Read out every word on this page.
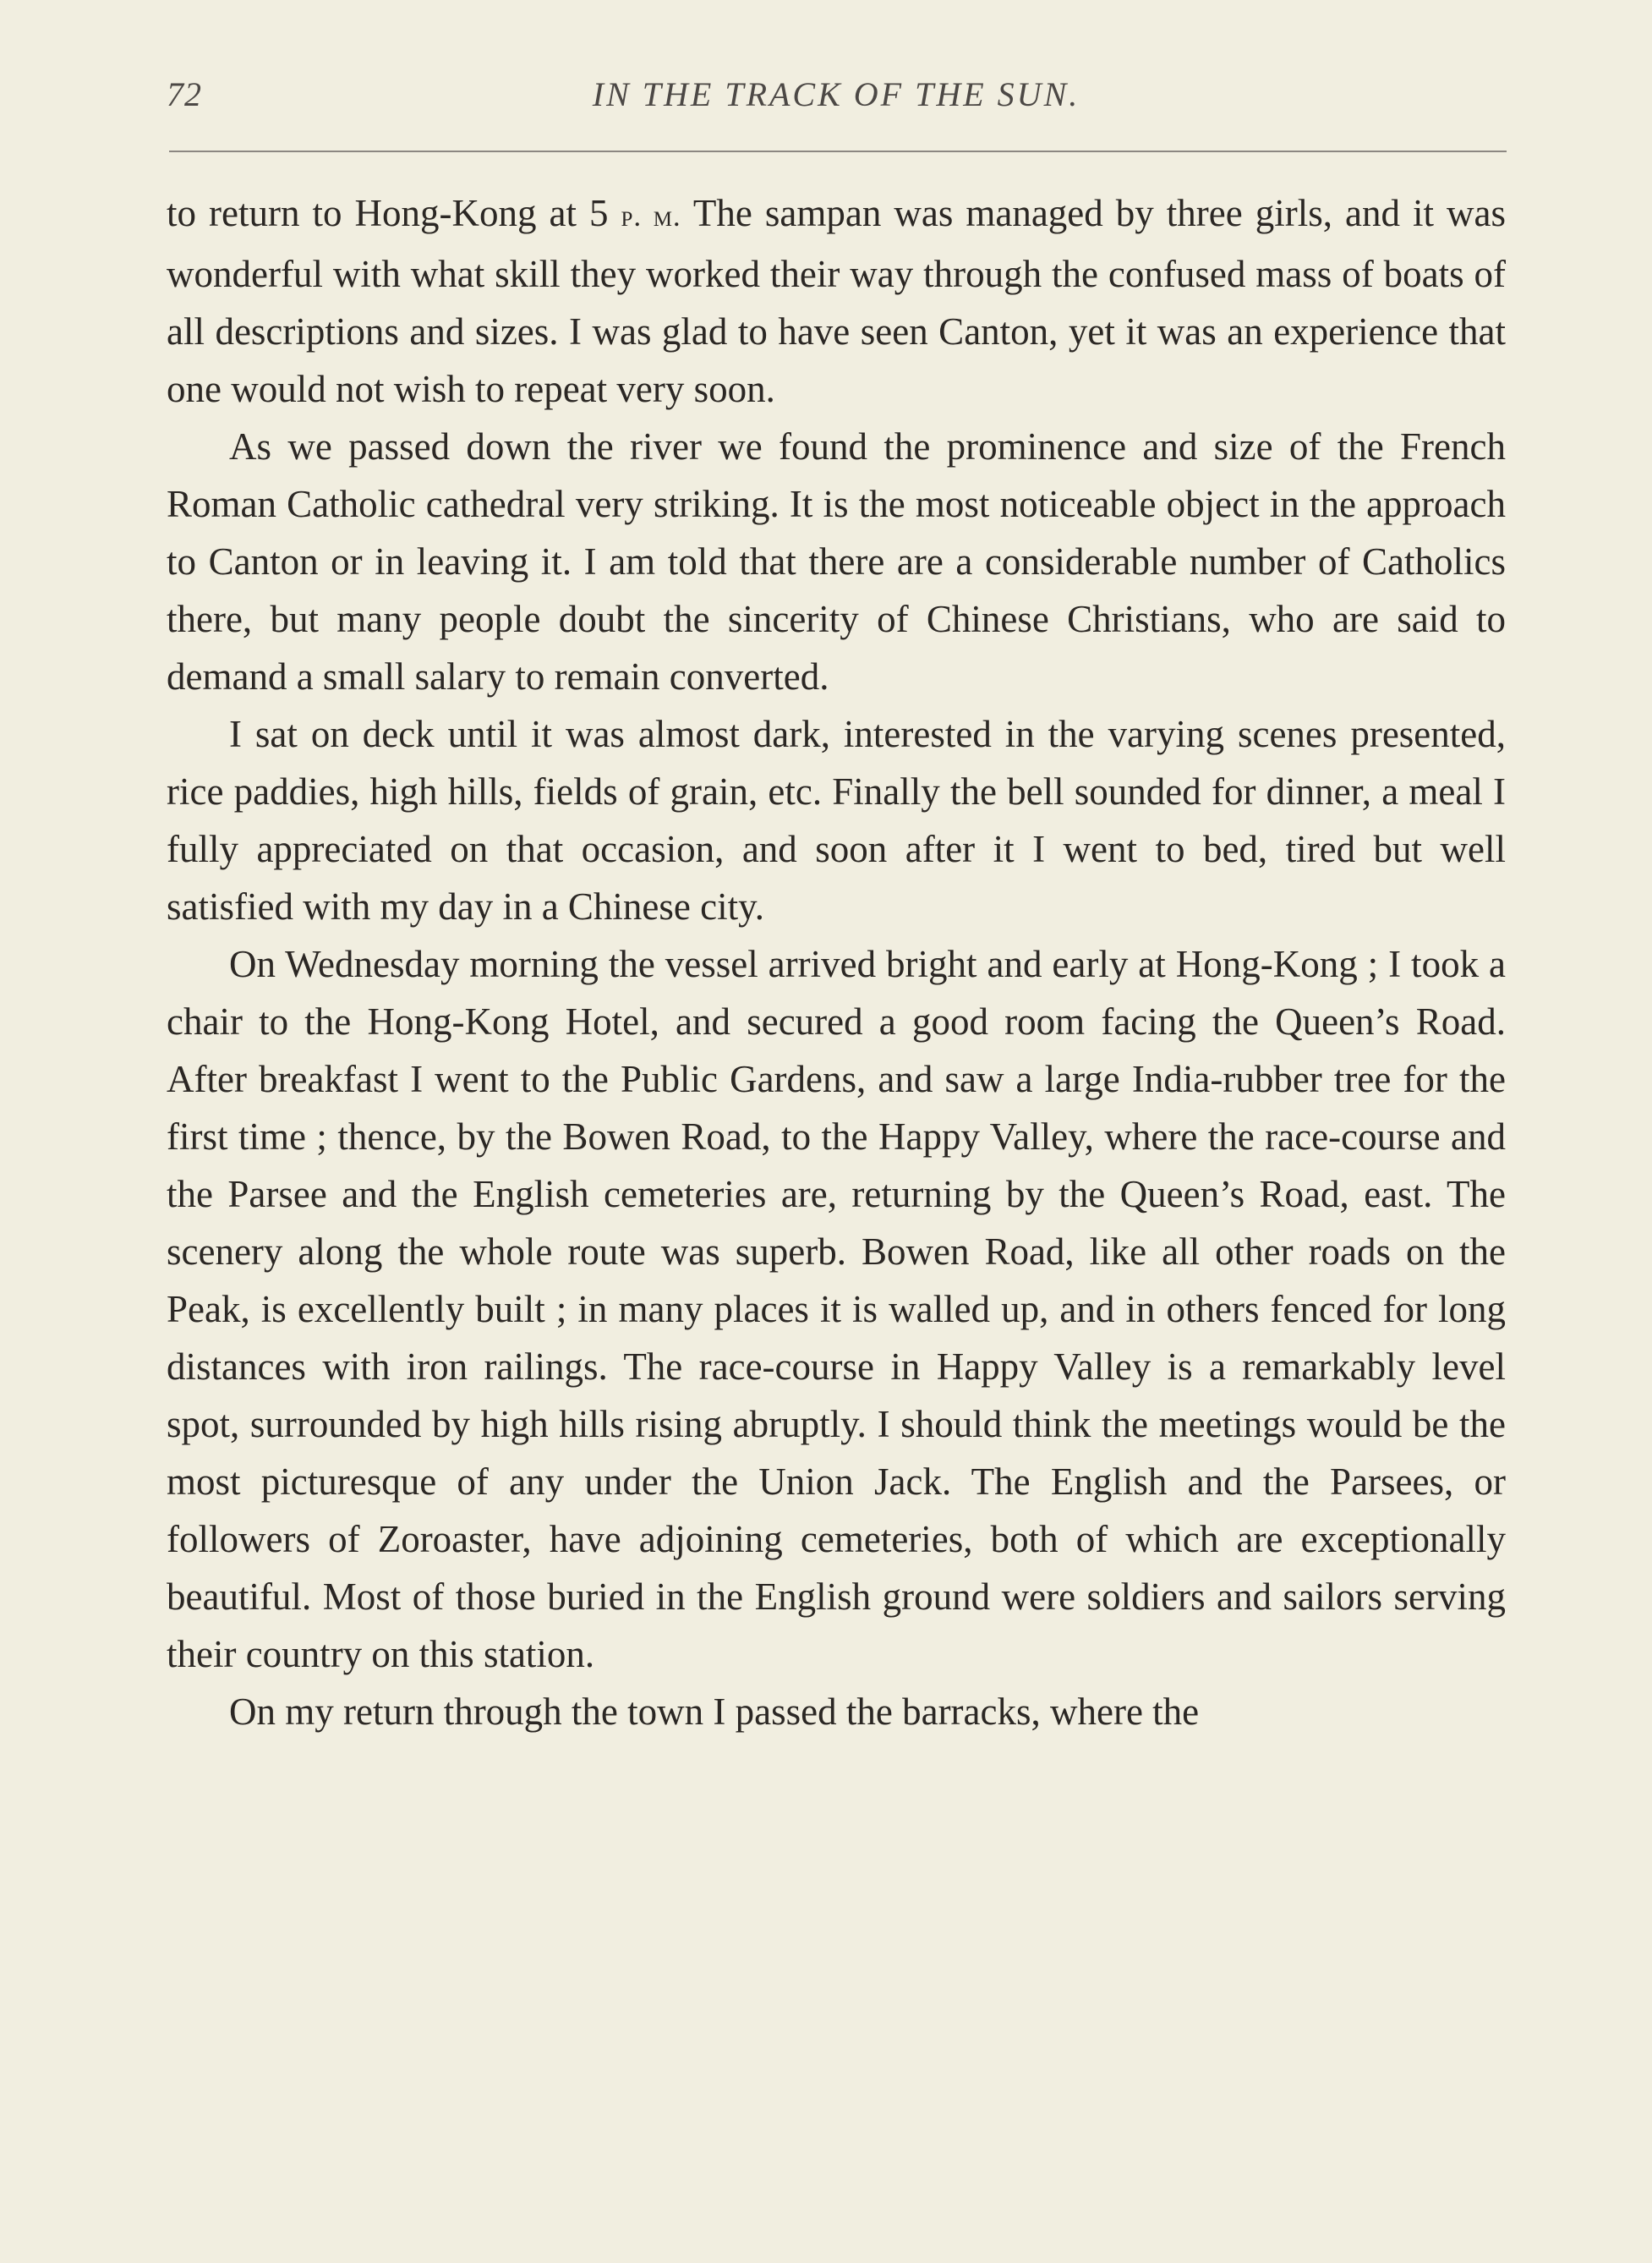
72	IN THE TRACK OF THE SUN.

to return to Hong-Kong at 5 p. m. The sampan was managed by three girls, and it was wonderful with what skill they worked their way through the confused mass of boats of all descriptions and sizes. I was glad to have seen Canton, yet it was an experience that one would not wish to repeat very soon.

As we passed down the river we found the prominence and size of the French Roman Catholic cathedral very striking. It is the most noticeable object in the approach to Canton or in leaving it. I am told that there are a considerable number of Catholics there, but many people doubt the sincerity of Chinese Christians, who are said to demand a small salary to remain converted.

I sat on deck until it was almost dark, interested in the varying scenes presented, rice paddies, high hills, fields of grain, etc. Finally the bell sounded for dinner, a meal I fully appreciated on that occasion, and soon after it I went to bed, tired but well satisfied with my day in a Chinese city.

On Wednesday morning the vessel arrived bright and early at Hong-Kong ; I took a chair to the Hong-Kong Hotel, and secured a good room facing the Queen’s Road. After breakfast I went to the Public Gardens, and saw a large India-rubber tree for the first time ; thence, by the Bowen Road, to the Happy Valley, where the race-course and the Parsee and the English cemeteries are, returning by the Queen’s Road, east. The scenery along the whole route was superb. Bowen Road, like all other roads on the Peak, is excellently built ; in many places it is walled up, and in others fenced for long distances with iron railings. The race-course in Happy Valley is a remarkably level spot, surrounded by high hills rising abruptly. I should think the meetings would be the most picturesque of any under the Union Jack. The English and the Parsees, or followers of Zoroaster, have adjoining cemeteries, both of which are exceptionally beautiful. Most of those buried in the English ground were soldiers and sailors serving their country on this station.

On my return through the town I passed the barracks, where the
